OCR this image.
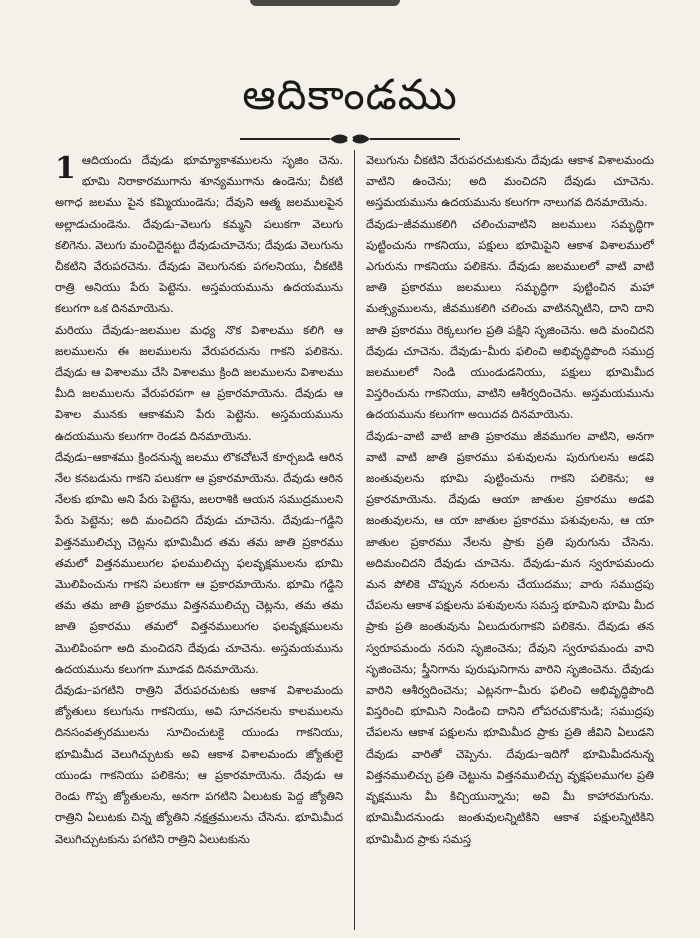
ఆదికాండము
1 ఆదియందు దేవుడు భూమ్యాకాశములను సృజిం చెను. భూమి నిరాకారముగాను శూన్యముగాను ఉండెను; చీకటి అగాధ జలము పైన కమ్మియుండెను; దేవుని ఆత్మ జలములపైన అల్లాడుచుండెను. దేవుడు–వెలుగు కమ్మని పలుకగా వెలుగు కలిగెను. వెలుగు మంచిదైనట్టు దేవుడుచూచెను; దేవుడు వెలుగును చీకటిని వేరుపరచెను. దేవుడు వెలుగునకు పగలనియు, చీకటికి రాత్రి అనియు పేరు పెట్టెను. అస్తమయమును ఉదయమును కలుగగా ఒక దినమాయెను.

మరియు దేవుడు–జలముల మధ్య నొక విశాలము కలిగి ఆ జలములను ఈ జలములను వేరుపరచును గాకని పలికెను. దేవుడు ఆ విశాలము చేసి విశాలము క్రింది జలములను విశాలము మీది జలములను వేరుపరపగా ఆ ప్రకారమాయెను. దేవుడు ఆ విశాల మునకు ఆకాశమని పేరు పెట్టెను. అస్తమయమును ఉదయమును కలుగగా రెండవ దినమాయెను.

దేవుడు–ఆకాశము క్రిందనున్న జలము లొకచోటనే కూర్చబడి ఆరిన నేల కనబడును గాకని పలుకగా ఆ ప్రకారమాయెను. దేవుడు ఆరిన నేలకు భూమి అని పేరు పెట్టెను, జలరాశికి ఆయన సముద్రములని పేరు పెట్టెను; అది మంచిదని దేవుడు చూచెను. దేవుడు–గడ్డిని విత్తనములిచ్చు చెట్లను భూమిమీద తమ తమ జాతి ప్రకారము తమలో విత్తనములుగల ఫలములిచ్చు ఫలవృక్షములను భూమి మొలిపించును గాకని పలుకగా ఆ ప్రకారమాయెను. భూమి గడ్డిని తమ తమ జాతి ప్రకారము విత్తనములిచ్చు చెట్లను, తమ తమ జాతి ప్రకారము తమలో విత్తనములుగల ఫలవృక్షములను మొలిపింపగా అది మంచిదని దేవుడు చూచెను. అస్తమయమును ఉదయమును కలుగగా మూడవ దినమాయెను.

దేవుడు–పగటిని రాత్రిని వేరుపరచుటకు ఆకాశ విశాలమందు జ్యోతులు కలుగును గాకనియు, అవి సూచనలను కాలములను దినసంవత్సరములను సూచించుటకై యుండు గాకనియు, భూమిమీద వెలుగిచ్చుటకు అవి ఆకాశ విశాలమందు జ్యోతులై యుండు గాకనియు పలికెను; ఆ ప్రకారమాయెను. దేవుడు ఆ రెండు గొప్ప జ్యోతులను, అనగా పగటిని ఏలుటకు పెద్ద జ్యోతిని రాత్రిని ఏలుటకు చిన్న జ్యోతిని నక్షత్రములను చేసెను. భూమిమీద వెలుగిచ్చుటకును పగటిని రాత్రిని ఏలుటకును

వెలుగును చీకటిని వేరుపరచుటకును దేవుడు ఆకాశ విశాలమందు వాటిని ఉంచెను; అది మంచిదని దేవుడు చూచెను. అస్తమయమును ఉదయమును కలుగగా నాలుగవ దినమాయెను.

దేవుడు–జీవముకలిగి చలించువాటిని జలములు సమృద్ధిగా పుట్టించును గాకనియు, పక్షులు భూమిపైని ఆకాశ విశాలములో ఎగురును గాకనియు పలికెను. దేవుడు జలములలో వాటి వాటి జాతి ప్రకారము జలములు సమృద్ధిగా పుట్టించిన మహా మత్స్యములను, జీవముకలిగి చలించు వాటినన్నిటిని, దాని దాని జాతి ప్రకారము రెక్కలుగల ప్రతి పక్షిని సృజించెను. అది మంచిదని దేవుడు చూచెను. దేవుడు–మీరు ఫలించి అభివృద్ధిపొంది సముద్ర జలములలో నిండి యుండుడనియు, పక్షులు భూమిమీద విస్తరించును గాకనియు, వాటిని ఆశీర్వదించెను. అస్తమయమును ఉదయమును కలుగగా అయిదవ దినమాయెను.

దేవుడు–వాటి వాటి జాతి ప్రకారము జీవముగల వాటిని, అనగా వాటి వాటి జాతి ప్రకారము పశువులను పురుగులను అడవి జంతువులను భూమి పుట్టించును గాకని పలికెను; ఆ ప్రకారమాయెను. దేవుడు ఆయా జాతుల ప్రకారము అడవి జంతువులను, ఆ యా జాతుల ప్రకారము పశువులను, ఆ యా జాతుల ప్రకారము నేలను ప్రాకు ప్రతి పురుగును చేసెను. అదిమంచిదని దేవుడు చూచెను. దేవుడు–మన స్వరూపమందు మన పోలికె చొప్పున నరులను చేయుదము; వారు సముద్రపు చేపలను ఆకాశ పక్షులను పశువులను సమస్త భూమిని భూమి మీద ప్రాకు ప్రతి జంతువును ఏలుదురుగాకని పలికెను. దేవుడు తన స్వరూపమందు నరుని సృజించెను; దేవుని స్వరూపమందు వాని సృజించెను; స్త్రీనిగాను పురుషునిగాను వారిని సృజించెను. దేవుడు వారిని ఆశీర్వదించెను; ఎట్లనగా–మీరు ఫలించి అభివృద్ధిపొంది విస్తరించి భూమిని నిండించి దానిని లోపరచుకొనుడి; సముద్రపు చేపలను ఆకాశ పక్షులను భూమిమీద ప్రాకు ప్రతి జీవిని ఏలుడని దేవుడు వారితో చెప్పెను. దేవుడు–ఇదిగో భూమిమీదనున్న విత్తనములిచ్చు ప్రతి చెట్టును విత్తనములిచ్చు వృక్షఫలముగల ప్రతి వృక్షమును మీ కిచ్చియున్నాను; అవి మీ కాహారమగును. భూమిమీదనుండు జంతువులన్నిటికిని ఆకాశ పక్షులన్నిటికిని భూమిమీద ప్రాకు సమస్త
